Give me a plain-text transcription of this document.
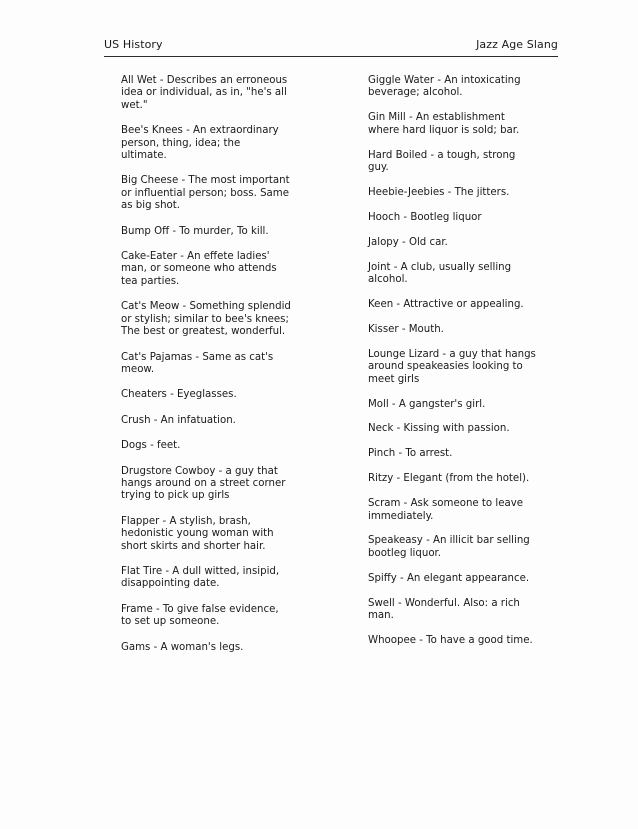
US History	Jazz Age Slang

All Wet - Describes an erroneous

idea or individual, as in, "he's all

wet."

Bee's Knees - An extraordinary

person, thing, idea; the

ultimate.

Big Cheese - The most important

or influential person; boss. Same

as big shot.

Bump Off - To murder, To kill.

Cake-Eater - An effete ladies'

man, or someone who attends

tea parties.

Cat's Meow - Something splendid

or stylish; similar to bee's knees;

The best or greatest, wonderful.

Cat's Pajamas - Same as cat's

meow.

Cheaters - Eyeglasses.

Crush - An infatuation.

Dogs - feet.

Drugstore Cowboy - a guy that

hangs around on a street corner

trying to pick up girls

Flapper - A stylish, brash,

hedonistic young woman with

short skirts and shorter hair.

Flat Tire - A dull witted, insipid,

disappointing date.

Frame - To give false evidence,

to set up someone.

Gams - A woman's legs.

Giggle Water - An intoxicating

beverage; alcohol.

Gin Mill - An establishment

where hard liquor is sold; bar.

Hard Boiled - a tough, strong

guy.

Heebie-Jeebies - The jitters.

Hooch - Bootleg liquor

Jalopy - Old car.

Joint - A club, usually selling

alcohol.

Keen - Attractive or appealing.

Kisser - Mouth.

Lounge Lizard - a guy that hangs

around speakeasies looking to

meet girls

Moll - A gangster's girl.

Neck - Kissing with passion.

Pinch - To arrest.

Ritzy - Elegant (from the hotel).

Scram - Ask someone to leave

immediately.

Speakeasy - An illicit bar selling

bootleg liquor.

Spiffy - An elegant appearance.

Swell - Wonderful. Also: a rich

man.

Whoopee - To have a good time.
